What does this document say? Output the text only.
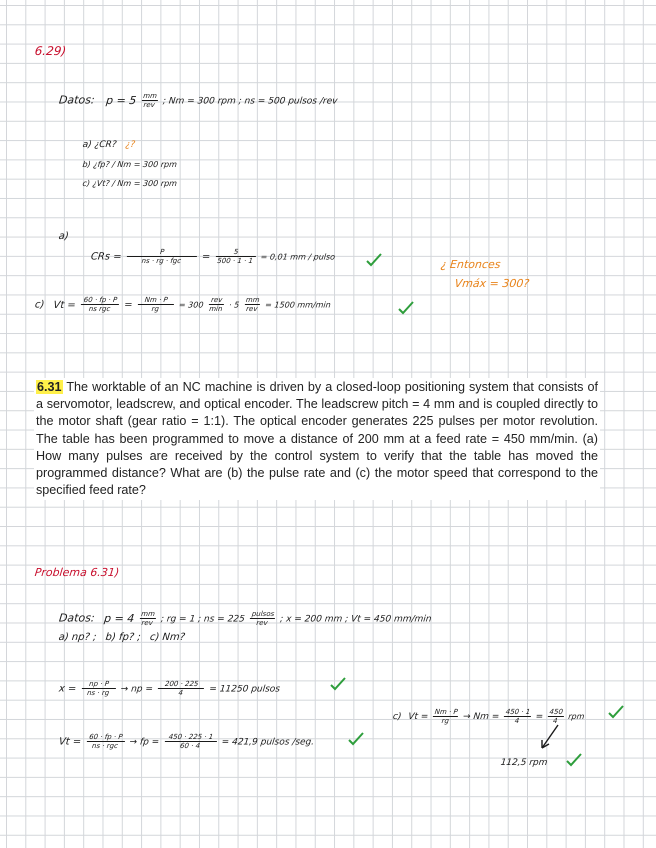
6.29)
Datos: $p = 5 \frac{mm}{\text{rev}}$ ; Nm = 300 rpm ; ns = 500 pulsos /rev
a) ¿CR? ¿?
b) ¿fp? / Nm = 300 rpm
c) ¿Vt? / Nm = 300 rpm
a)
CRs = $\frac{P}{\text{ns · rg · fgc}} = \frac{5}{500 \cdot 1 \cdot 1} = 0,01$ mm / pulso
c) $Vt = \frac{60 \cdot fp \cdot P}{\text{ns rgc}} = \frac{Nm \cdot P}{rg} = 300 \frac{\text{rev}}{\min} \cdot 5 \frac{mm}{\text{rev}} = 1500$ mm/min
¿ Entonces
Vmáx = 300?
6.31 The worktable of an NC machine is driven by a closed-loop positioning system that consists of a servomotor, leadscrew, and optical encoder. The leadscrew pitch = 4 mm and is coupled directly to the motor shaft (gear ratio = 1:1). The optical encoder generates 225 pulses per motor revolution. The table has been programmed to move a distance of 200 mm at a feed rate = 450 mm/min. (a) How many pulses are received by the control system to verify that the table has moved the programmed distance? What are (b) the pulse rate and (c) the motor speed that correspond to the specified feed rate?
Problema 6.31)
Datos: $p = 4 \frac{mm}{\text{rev}}$ ; rg = 1 ; ns = $225 \frac{\text{pulsos}}{\text{rev}}$ ; x = 200 mm ; Vt = 450 mm/min
a) np? ; b) fp? ; c) Nm?
$x = \frac{np \cdot P}{ns \cdot rg}$ → np = $\frac{200 \cdot 225}{4} = 11250$ pulsos
$Vt = \frac{60 \cdot fp \cdot P}{\text{ns · rgc}}$ → fp = $\frac{450 \cdot 225 \cdot 1}{60 \cdot 4} = 421,9$ pulsos /seg.
c) $Vt = \frac{Nm \cdot P}{rg} \to Nm = \frac{450 \cdot 1}{4} = \frac{450}{4}$ rpm
112,5 rpm
